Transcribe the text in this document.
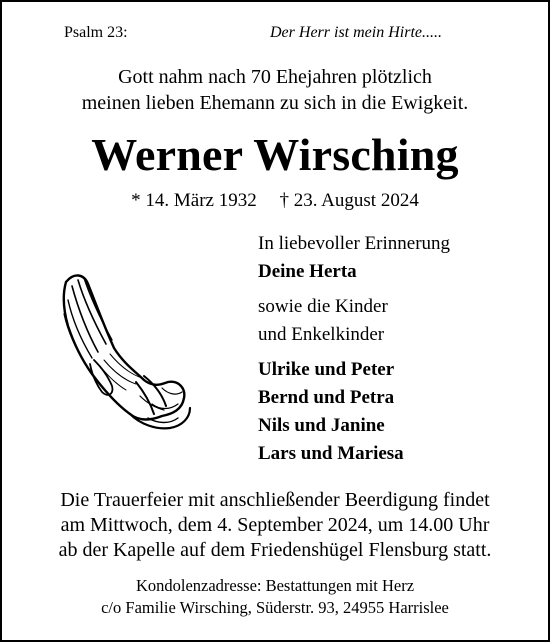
Psalm 23:	Der Herr ist mein Hirte.....
Gott nahm nach 70 Ehejahren plötzlich
meinen lieben Ehemann zu sich in die Ewigkeit.
Werner Wirsching
* 14. März 1932 † 23. August 2024
In liebevoller Erinnerung
Deine Herta
sowie die Kinder
und Enkelkinder
Ulrike und Peter
Bernd und Petra
Nils und Janine
Lars und Mariesa
Die Trauerfeier mit anschließender Beerdigung findet
am Mittwoch, dem 4. September 2024, um 14.00 Uhr
ab der Kapelle auf dem Friedenshügel Flensburg statt.
Kondolenzadresse: Bestattungen mit Herz
c/o Familie Wirsching, Süderstr. 93, 24955 Harrislee
